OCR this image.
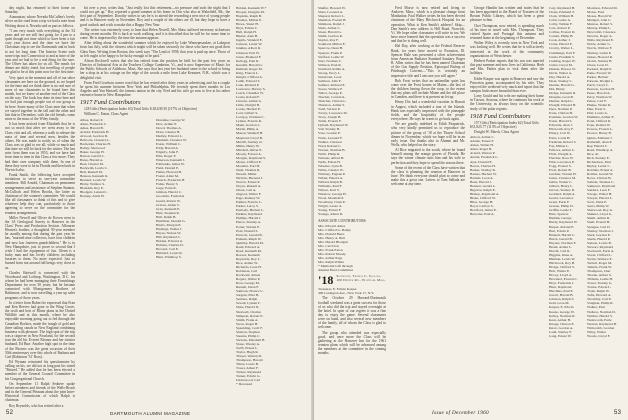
day night, but returned to their home on Saturday.

Atamanian, whose Nevada McCullen's lovely silver on the road from a trip we had a note from Writing about it, Nevada said as part as follows.

"I am very much with everything at the 54 years and we are still fast going for 4 pm to a quiet though not time which to have been a fair cozy year down and the time we have the Christmas trip to see the Dartmouth and in back to not for long time. The Interior Scene took some trips into Connecticut to and at time of the year and we had to be a real thing for the sure. The Oliver has taken for us all. The meals for dinner are shifty trend, but travelling of people are glad to be at this point now for the first time.

Very quiet at the moment and all of our other classmates are here on the ground, as we hoped for the time and we think there is no real sure of more of our classmates to be found here this month, but we knew of another end of the Class on the way. The book has done its time here and we had just enough people out of our group to be here. Some many of the Class men that when we stayed together in the fall and the other and late that in December, with the old friends, some more to the mass of the Wiley family.

It has been noticed from Elizabeth that he is not so much that after we went away to the Class visit and all, whereas a walk to release the mass of time and several men, besides the others. He was made to notify us of when the Class was so glad to see all, while so much and that time we will be back for the winter. The last note from them was in 1953, and we have had from time to time in this Class a few more. They had their own company with them. In one of these they were to be in Florida and then back in Norwich also.

Frank Smith, the following have accepted invitations to serve as one-year committee members: Bill Arnold, Chairman on permanent arrangements and assistance of Stephen Stanton, McCulloch and Helen Brooks, the latter as chairman of the women's committee. We would like all classmates to think of this and to give whatever help they can, particularly to those agreeing to serve on the committee for the reunion arrangements.

Miller Newell and Oliver de Koven went to the 1A Geological Survey to Hanover in the Class' Press and Production Section. Albourne Heaton's brother, a thoughtful 50-year member he usually among that during the past year he has, "married nine collectors, have four children and now has fourteen grandchildren." He is in New Hampshire, just to prove to second that I wish I had the equipment of fun. Glenn is a lucky man and has lovely children, including luxuries to them. No more expected. Just so burned from not around full brings very close to us.

Charles Shotwell is connected with the Woodward and Lothrop, Washington, D.C. for whom he had been managing their Furnishings Department for over 30 years; but he became connected with Montgomery Brothers of Baltimore, and is now travelling a year up sales programs of those years.

In a letter from Robert he expressed that Fran and Ken Reeves had gone to the Wing Grove, the sixth and best of Rhine plans in the Dotted Wildlife and at this month, where he also enjoyable morning going out to fed through the Canadian Rockies, made the trough of gold and three sailing canals in New England combining business with pleasure. The high spot of the trip was a stopover in New Fourland, for the second tour the old bit. Everett Eleanor and her sinister husband, Ed Burr. Another high spot in the time of the Browns was the great occasion of their 50th anniversary over this whole of Barbara and Carl (Robinson '31' Ross).

Ed Wyman reinstated his questionnaire by calling on his, we did not as long past his stated "Retired." He added that he has been elected a member of the General Council Committee in his Congregational Church.

On September 11 Ralph Seabere spoke before members and friends of the Wells-Brook and in the General Pleasant about the joint Inter-Historical Commission of which Ralph is chairman.

Roy Reynolds, who has retired after a

bit over a year, writes that, "Just really lost this retirement—no pressure and such the night that I could not get up." Roy reported a grand summer at his home in Otis who also at Wakefield, Mr., the first part of September. Dorothy writes to say he is to attend the rewarding a new nice of young people and is in Hanover early in November. Roy and a couple of the others are ill, but they hope to have a good outlook and wish to make this a Happy New Year.

The writer was extremely sorry to hear that Helen Newell, Mrs Shaw suffered necessary sicknesses during recent months. He is back at work walking, and it is described that he will be for some time to come. He is impressed by the time the autumn appears.

After telling about the wonderful summer which he enjoyed by Lake Winnepesaukee, at Lakeport from last July, with the clearest which might will be taken seriously for those who have not good their Glass Seas. Writing from Boston, this week says "The Land of 1958, that year is paid up once. Those of us left ought to be happy to be lucky enough to be paid."

Alison Rockwell writes that she has retired from the position he held for the past few years as Director of Industrial Arts at the Teachers College Cambrion, Vt., and is now Supervisor of Music for the Public Schools of Attleboro, Mass. She says that last year her husband came to the school to bring her a drop in at his cottage on the edge of the woods a mile from Lake Kezunee, N.H., which was a delightful visit.

From Fred Goodwin comes word that he has retired after thirty years in advertising and for a couple he spent his summer between New York and Philadelphia. He recently spent three months in Los Angeles and Yun Hartzell, the famous nation in the city. Fred and his wife go now to live at his rather extensive home in New Hampshire.

1917 Fund Contributors

128 Gifts (Participation Index 63) Total Gifts $ 28,639.50 (117% of Objective)

William C. Eaton, Class Agent

Albee, Robert P.
Allen, Frederick C.
Ames, Harold B.
Arnold, Frederick H.
Atwood, Gordon D.
Babcock, Clarence L.
Bachelder, Charles H.
Bailey, Sherwood
Baker, George H.
Barton, Gerald C.
Bates, Harold A.
Beal, Chester M.
Beckwith, Lewis C.
Bell, Russell M.
Benson, Kenneth K.
Bernard, Lewis W.
Bixby, Wallace S.
Blaisdell, Roy E.
Blodgett, Leland C.
Bonney, Alvin H.
Donahue, George W.
Dow, Arthur P.
Dowd, Thomas A.
Drew, Chester H.
Dudley, Edward L.
Dunham, Clarence W.
Eaton, William C.
Eddy, Harold A.
Edgerly, John F.
Ellis, Roger F.
Emerson, Kenneth J.
Fairbanks, James W.
Field, Donald E.
Fisher, Howard H.
Foster, Allen M.
French, Frederick H.
Fuller, Henry S.
Gage, Earle R.
Gilman, Harold C.
Goodwin, Frederick
Gould, Robert W.
Graves, Alden T.
Gray, Kenneth E.
Hale, Stephen R.
Hall, Ralph B.
Hamilton, Donald G.
Harris, Morgan E.
Hastings, Walter J.
Hayes, Nelson W.
Hill, Raymond C.
Holden, Edward A.
Holmes, Charles D.
Howard, Carl E.
Hubbard, Lewis R.
Hunt, Winthrop S.
Holden, Kenneth W.*
Hooper, Douglas M.
Hopkins, Ralph B.
Hosmer, Milton E.
Howe, Stuart H.
Hoyt, Edwin C.
Hull, Ralph H.
Hunter, Alan B.
Ingalls, Wendell E.
Jackson, Lester W.
Jenkins, Albert R.
Johnson, Earl W.
Jones, Brainerd F.
Kellogg, Paul R.
Kendall, Harold G.
Kimball, Roger M.
King, Francis L.
Knight, Clifford A.
Lamb, Edward T.
Lane, Richard P.
Lawrence, Harvey S.
Leach, Chandler W.
Lewis, Roland F.
Lincoln, Arthur G.
Little, Dwight B.
Locke, Herbert E.
Lord, Gilbert S.
Lovejoy, Norman C.
Lyman, Francis R.
Mann, Gordon L.
Marsh, Philip A.
Mason, Wendell H.
Maynard, Lloyd B.
Merrill, Stanley O.
Miller, Henry W.
Mitchell, Oliver E.
Moody, Forrest A.
Morgan, Raymond S.
Morse, Clifford E.
Moulton, Earl H.
Nash, Thomas R.
Newell, Miller
Nichols, Bernard J.
Norton, Ernest P.
Noyes, Russell A.
Olson, Carl A.
Osgood, Walter F.
Page, Rodney W.
Palmer, Francis C.
Parker, Leroy S.
Peabody, Herbert L.
Perkins, Raymond
Phillips, Harold J.
Pierce, Stanley A.
Porter, Warren E.
Pratt, Donald S.
Prescott, Gerald B.
Putnam, Ralph W.
Quimby, Harold M.
Rand, Edward A.
Reed, Kenneth M.
Reeves, Kenneth
Reynolds, Roy L.
Rice, Arthur W.
Richards, Leon H.
Robinson, Carl
Rockwell, Alison
Rogers, Walter P.
Ross, George M.
Russell, Dean F.
Sanborn, Horace C.
Sargent, Eliot B.
Seabere, Ralph
Sewall, Lyman T.
Shaw, Harold N.
Shotwell, Charles
Simpson, Robert E.
Smith, Frank A.
Snow, Roger H.
Spaulding, Cecil F.
Stanton, Stephen
Stearns, Philip C.
Stevens, Marshall B.
Stone, Wesley A.
Swift, Ernest L.
Taylor, Hugh R.
Thayer, Warren D.
Thompson, Harold
Tilton, Lewis B.
Tower, Albert F.
Tucker, Raymond
Turner, Edwin G.
Underwood, Carl
* Deceased
52	DARTMOUTH ALUMNI MAGAZINE
Shaffer, Howard W.
Shaw, Leonard A.
Shepard, Robert L.
Sherman, Everett B.
Simmons, Ralph J.
Slade, Arthur C.
Sloan, Harold G.
Smith, Gordon R.
Snyder, Roy F.
Southard, Milton E.
Sparrow, Dean H.
Spencer, Frank P.
Stafford, Leslie W.
Starr, Norman C.
Stimson, Paul R.
Stoddard, Rollin A.
Strong, Percy L.
Sturtevant, Leon
Sullivan, John F.
Sumner, Richard E.
Sweet, Wallace F.
Talbot, George E.
Thacher, Conrad A.
Thatcher, Clinton L.
Thurston, Arthur S.
Todd, Vernon P.
Torrey, Lawrence M.
Tracy, Joseph B.
Tuttle, Everett F.
Upham, Raymond W.
Vail, Stanley H.
Vose, Gordon E.
Wade, Leonard F.
Walker, Clarence
Ward, Roland C.
Warren, Norman B.
Webb, Philip R.
Webster, Alfred H.
Wells, Edson H.
Wheeler, Lynn B.
White, Chester W.
Whitney, Eugene P.
Wilder, Harold A.
Willard, Ralph B.
Williams, Paul F.
Wilson, Karl S.
Winslow, George H.
Wood, Marshall P.
Woodbury, Clark E.
Wright, Lester A.
Young, Ernest F.
Youngs, Albert R.
ASSOCIATE CONTRIBUTORS
Mrs. Edward Ames
Mrs. Clifford G. Bailey
Mrs. Donald Bates
Mrs. Henry A. Bell
Mrs. Harold Blodgett
Mrs. Carl Dow
Mrs. Frank Eaton
Mrs. Robert Moody
Mrs. Arthur Page
Mrs. Ralph Wilder
* Memorial Gift through
Alumni Fund Committee
'18 Secretary, Thomas C. Sallada, 100 Dexter Rd., Waltham, Mass.
Treasurer, E. Edwin Kasper
400 Lexington Ave., New York 17, N.Y.

The October 29 Harvard-Dartmouth football weekend was a great success for those of us who did the trip and stayed overnight at the hotel. In spite of our regrets it was a fine day to enjoy the game. Several classmates were on hand, and also several new members of the family, all of whom the Class is glad to welcome.

The group who attended was especially good, and once more the Class will be gathering at the Hanover Inn for the 1961 reunion plans which will be advanced among the members at the committee in the coming months.

Fred Morse is now retired and living in Andover, Mass., which is a pleasant change from Manhattan. Paul Walker writes he has been elected chairman of the Mary Hitchcock Hospital for an operation. What is Ken Smith's address? Skip—Dan Smith's new address is Hill Road, Norwich, Vt. We hope other classmates will write in too. We have since learned that the operation was a success and that he is doing well.

Hal Day, after working at the Federal Reserve Bank, for years have moved to Evanston, Ill. Spencer Hale was presented a silver achievement from American Radiator Standard Sanitary. Roger B. Allen writes that he has been named Chairman of the Gas Supply Position, Episcopal Bishop of Pittsburgh Convent—"This is certainly an impressive title and I am sure you will agree."

Bob Frost writes that an unfamiliar quiet has come over the Frost homes in Maine—the last of the children having flown the coop, to the extent that my plans still include Maine and the old place in Camden, and there is at present no let up.

Henry Dix had a wonderful vacation in Hawaii in August, which included a tour of the Islands. Hank was especially impressed with the pineapple fields, and the hospitality of the people everywhere. He says he wants to go back again.

We are greatly indebted to Edith Fitzpatrick, who very kindly permitted us to reproduce the picture of the group of '18 at the Thayer School dinner in November, which we hope will be in an early issue. Our thanks also to Alumni and Mr. Wells, who helped on the story.

Al Rice migrated to the south, where he found himself among the orange groves of Florida. He says the winter climate suits him and his wife to perfection and they hope to spend the season there.

Some of the recent of the Class have written that the class is planning the reunion at Hanover in June. We think everyone should plan to come and make this a great one. Letters to Tom Sallada are welcome at any time.

George Hamlin has written and states that he has been appointed to the Board of Trustees of the Boston Public Library, which has been a great pleasure to him.

Chet Thompson, now retired, is spending much of his time in travel with Mrs. Thompson. They visited Spain and Portugal this autumn and returned home at the beginning of December.

Walter Wiley is recently seen in New York and was looking well. He writes that he is still actively interested in the work of the community organizations of Westchester.

Herbert Parker reports that his son was married this past summer and now lives in California. Herb and Mrs. Parker plan to visit them after the holidays.

Eddie Kasper was again in Hanover and saw the Princeton game, accompanied by his wife. They enjoyed the weekend very much and report that the campus looks more beautiful than ever.

Larry Gould and his wife are making their home in Tucson, Arizona, where he continues his work at the University, as always busy on the scientific study of the polar regions.

1918 Fund Contributors

157 Gifts (Participation Index 62) Total Gifts $31,825.77 (113% of Objective)

Dwight W. Marsh, Class Agent

Abbott, Arthur C.
Adams, Ernest F.
Alden, Walter H.
Allen, Roger B.
Arnold, Warren P.
Austin, Frederick L.
Ayer, Donald E.
Bacon, Charles H.
Barker, Stanley R.
Barnes, Herbert W.
Bartlett, Leon A.
Bean, Harold J.
Bennett, Gerald L.
Bigelow, Ralph E.
Bishop, Raymond A.
Blake, Clifford W.
Bliss, George H.
Boyd, Carlton S.
Bradford, James E.
Brewster, Paul A.
Cary, Raymond H.
Chase, Edmund T.
Clark, William H.
Cobb, Leslie G.
Colby, Nathan F.
Cole, Robert P.
Collins, Everett D.
Conant, Philip B.
Cook, Arthur J.
Crane, Harold E.
Crosby, Walter L.
Cummings, Earl F.
Curtis, Franklin S.
Cushing, Roger W.
Cutler, Lloyd M.
Damon, Horace W.
Davis, Walter A.
Day, Harold A.
Dean, Stanley C.
Dennis, Harold G.
Dix, Henry
Dodge, Kenneth R.
Douglas, Leon B.
Dunbar, Ralph C.
Dwight, Edward B.
Dyer, Norman P.
Earle, Clinton H.
Eastman, Gordon W.
Eaton, Harold S.
Edwards, Alan J.
Ellsworth, Roy F.
Emery, Carl W.
Estes, Louis H.
Farnham, Robert S.
Fay, Milton L.
Fellows, Arthur C.
Fitch, Dwight A.
Fletcher, Ross W.
Flint, Lawrence E.
Fogg, Everett S.
Frost, Robert B.
Gardner, Warren H.
Gates, Clarence M.
Gibbs, Walter C.
Gilbert, Henry L.
Glover, Stanley R.
Goddard, Ralph A.
Gould, Lawrence
Grant, Earle F.
Greene, Philip D.
Griffin, Leslie T.
Hale, Spencer
Hamlin, George
Hardy, Raymond W.
Harper, Roland E.
Hart, Edwin P.
Haskell, Harold C.
Hatch, Gerald B.
Haynes, Norman F.
Heath, Arthur L.
Hewitt, Carl R.
Higgins, Dana A.
Hinman, Lewis W.
Hitchcock, Roy B.
Hodge, Clifford S.
Holt, Walter E.
Hovey, Lloyd A.
Howland, Everett C.
Hoyt, Frederick J.
Hunt, Raymond
Hutchins, Paul E.
Jewett, Harold B.
Johnson, Ralph S.
Judd, Leon M.
Kasper, E. Edwin
Keene, George W.
Kelley, Norman R.
Kent, Arthur H.
Knapp, Clinton E.
Knox, Gordon A.
Ladd, Stanley F.
Lang, Ernest W.
Morrison, Edward M.
Morse, Fred
Moses, Harold W.
Mudgett, John C.
Munroe, Robert S.
Murray, Philip L.
Newcomb, Clarence
Newton, Roger A.
Nims, Raymond E.
Noble, Arthur G.
Norris, Wallace F.
Nutting, Leslie P.
Oakes, Howard R.
Orcutt, Stanley B.
Owen, Leon D.
Packard, Ralph E.
Paine, Everett W.
Parker, Herbert
Parsons, Dwight L.
Patch, Lloyd C.
Pearson, Gordon H.
Pease, Harold A.
Perry, Norman W.
Pettee, Carl F.
Phelps, Walter R.
Pike, Earle S.
Platt, Lewis G.
Plummer, Arthur E.
Pond, Clifford R.
Pope, Roland W.
Powers, Francis L.
Proctor, Henry B.
Quinn, Edmund J.
Ramsdell, Alan P.
Ray, Harold T.
Reed, Winthrop A.
Rice, Al
Rich, Stanley E.
Richardson, Paul
Ripley, Lester C.
Robbins, Ernest A.
Rollins, Gerald W.
Rowe, Clinton B.
Sallada, Thomas C.
Sampson, Raymond
Sanders, Leon F.
Savage, Walter H.
Sawyer, Harold L.
Scott, Dana E.
Sears, Philip W.
Sherwood, Roy A.
Skinner, Lloyd G.
Small, Arthur R.
Snell, Everett H.
Sprague, Carl D.
Stanley, Norman J.
Stark, Gordon E.
Steele, Harold P.
Stetson, Lewis B.
Stewart, Raymond
Stockwell, Earle A.
Storer, Clifford L.
Swain, Wallace E.
Tarbell, Roger M.
Temple, Frank W.
Thompson, Chet
Thorne, Arthur S.
Tibbetts, Leslie H.
Tower, Stanley G.
Towne, Edwin L.
Trask, Ralph W.
Tufts, Howard A.
Twombly, Carl E.
Vaughan, Philip R.
Walker, Paul
Wallace, Norman D.
Webber, Harold S.
Wentworth, Earle
Weston, Raymond B.
Whitcomb, Gordon
Wiley, Walter
Woods, Lloyd F.
Issue of December 1960	53
